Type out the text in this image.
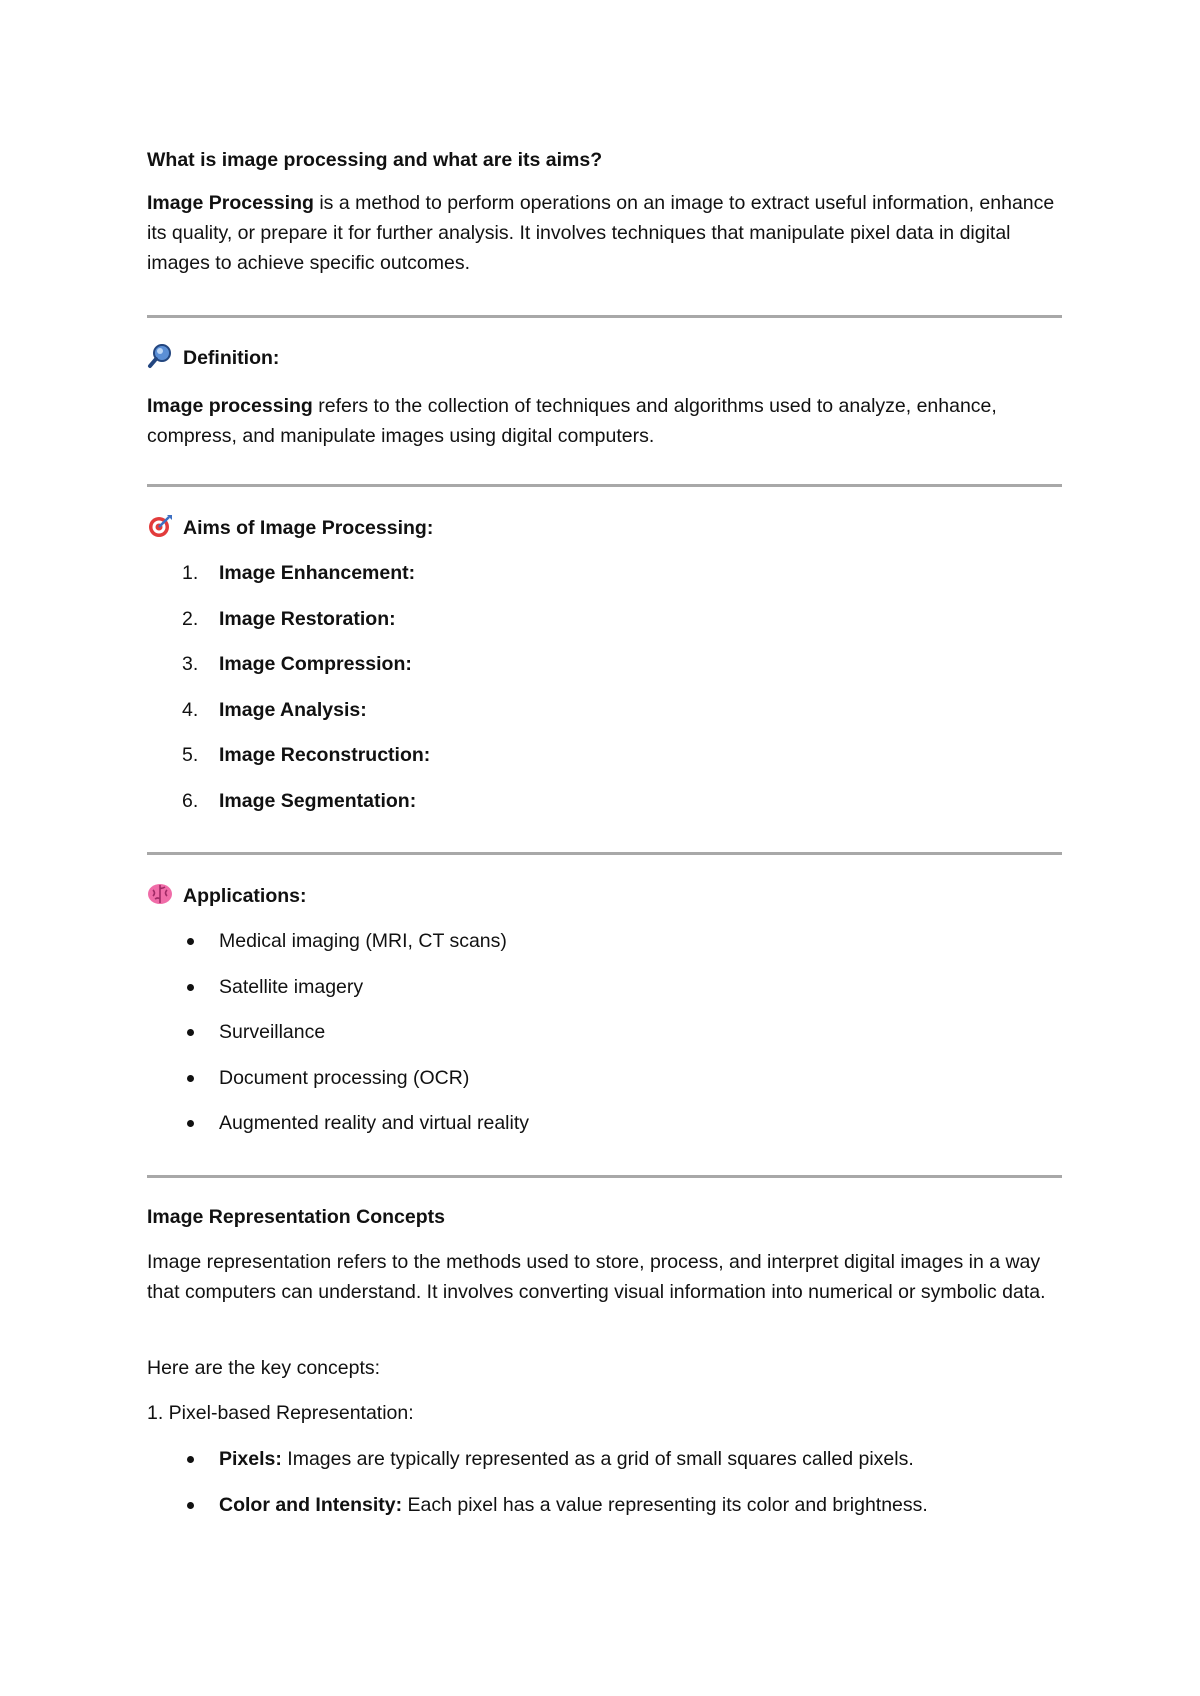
What is image processing and what are its aims?

Image Processing is a method to perform operations on an image to extract useful information, enhance its quality, or prepare it for further analysis. It involves techniques that manipulate pixel data in digital images to achieve specific outcomes.

Definition:

Image processing refers to the collection of techniques and algorithms used to analyze, enhance, compress, and manipulate images using digital computers.

Aims of Image Processing:
1.	Image Enhancement:
2.	Image Restoration:
3.	Image Compression:
4.	Image Analysis:
5.	Image Reconstruction:
6.	Image Segmentation:
Applications:
Medical imaging (MRI, CT scans)
Satellite imagery
Surveillance
Document processing (OCR)
Augmented reality and virtual reality
Image Representation Concepts

Image representation refers to the methods used to store, process, and interpret digital images in a way that computers can understand. It involves converting visual information into numerical or symbolic data.

Here are the key concepts:
1. Pixel-based Representation:
Pixels: Images are typically represented as a grid of small squares called pixels.
Color and Intensity: Each pixel has a value representing its color and brightness.
